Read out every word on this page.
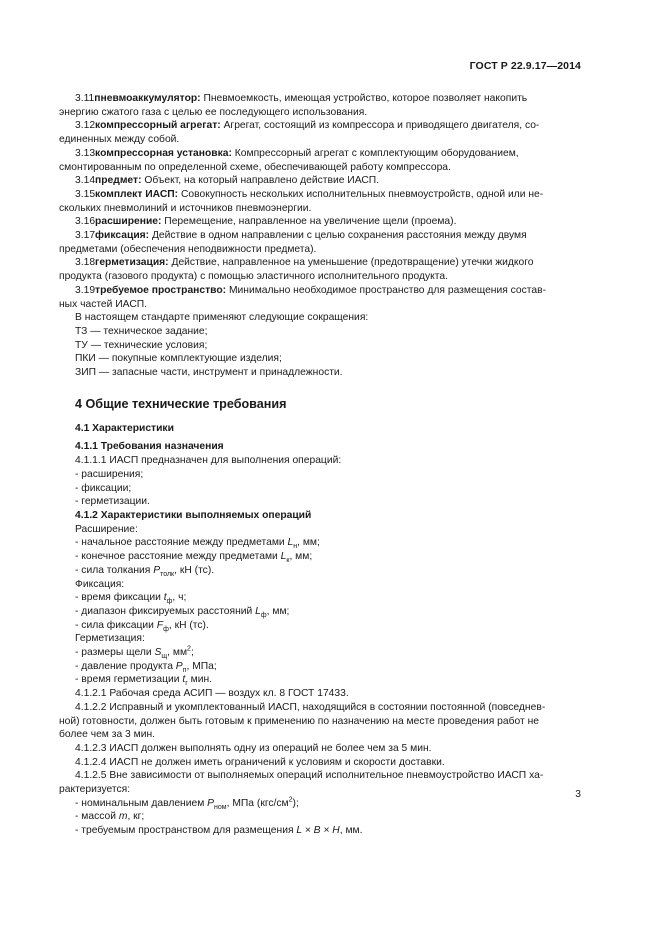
ГОСТ Р 22.9.17—2014
3.11пневмоаккумулятор: Пневмоемкость, имеющая устройство, которое позволяет накопить
энергию сжатого газа с целью ее последующего использования.
3.12компрессорный агрегат: Агрегат, состоящий из компрессора и приводящего двигателя, со-
единенных между собой.
3.13компрессорная установка: Компрессорный агрегат с комплектующим оборудованием,
смонтированным по определенной схеме, обеспечивающей работу компрессора.
3.14предмет: Объект, на который направлено действие ИАСП.
3.15комплект ИАСП: Совокупность нескольких исполнительных пневмоустройств, одной или не-
скольких пневмолиний и источников пневмоэнергии.
3.16расширение: Перемещение, направленное на увеличение щели (проема).
3.17фиксация: Действие в одном направлении с целью сохранения расстояния между двумя
предметами (обеспечения неподвижности предмета).
3.18герметизация: Действие, направленное на уменьшение (предотвращение) утечки жидкого
продукта (газового продукта) с помощью эластичного исполнительного продукта.
3.19требуемое пространство: Минимально необходимое пространство для размещения состав-
ных частей ИАСП.
В настоящем стандарте применяют следующие сокращения:
ТЗ — техническое задание;
ТУ — технические условия;
ПКИ — покупные комплектующие изделия;
ЗИП — запасные части, инструмент и принадлежности.
4 Общие технические требования
4.1 Характеристики
4.1.1 Требования назначения
4.1.1.1 ИАСП предназначен для выполнения операций:
- расширения;
- фиксации;
- герметизации.
4.1.2 Характеристики выполняемых операций
Расширение:
- начальное расстояние между предметами $L_н$, мм;
- конечное расстояние между предметами $L_к$, мм;
- сила толкания $P_{толк}$, кН (тс).
Фиксация:
- время фиксации $t_ф$, ч;
- диапазон фиксируемых расстояний $L_ф$, мм;
- сила фиксации $F_ф$, кН (тс).
Герметизация:
- размеры щели $S_щ$, $мм^2$;
- давление продукта $P_п$, МПа;
- время герметизации $t_г$ мин.
4.1.2.1 Рабочая среда АСИП — воздух кл. 8 ГОСТ 17433.
4.1.2.2 Исправный и укомплектованный ИАСП, находящийся в состоянии постоянной (повседнев-
ной) готовности, должен быть готовым к применению по назначению на месте проведения работ не
более чем за 3 мин.
4.1.2.3 ИАСП должен выполнять одну из операций не более чем за 5 мин.
4.1.2.4 ИАСП не должен иметь ограничений к условиям и скорости доставки.
4.1.2.5 Вне зависимости от выполняемых операций исполнительное пневмоустройство ИАСП ха-
рактеризуется:
- номинальным давлением $P_{ном}$, МПа $(кгс/см^2)$;
- массой m, кг;
- требуемым пространством для размещения L × B × H, мм.
3
